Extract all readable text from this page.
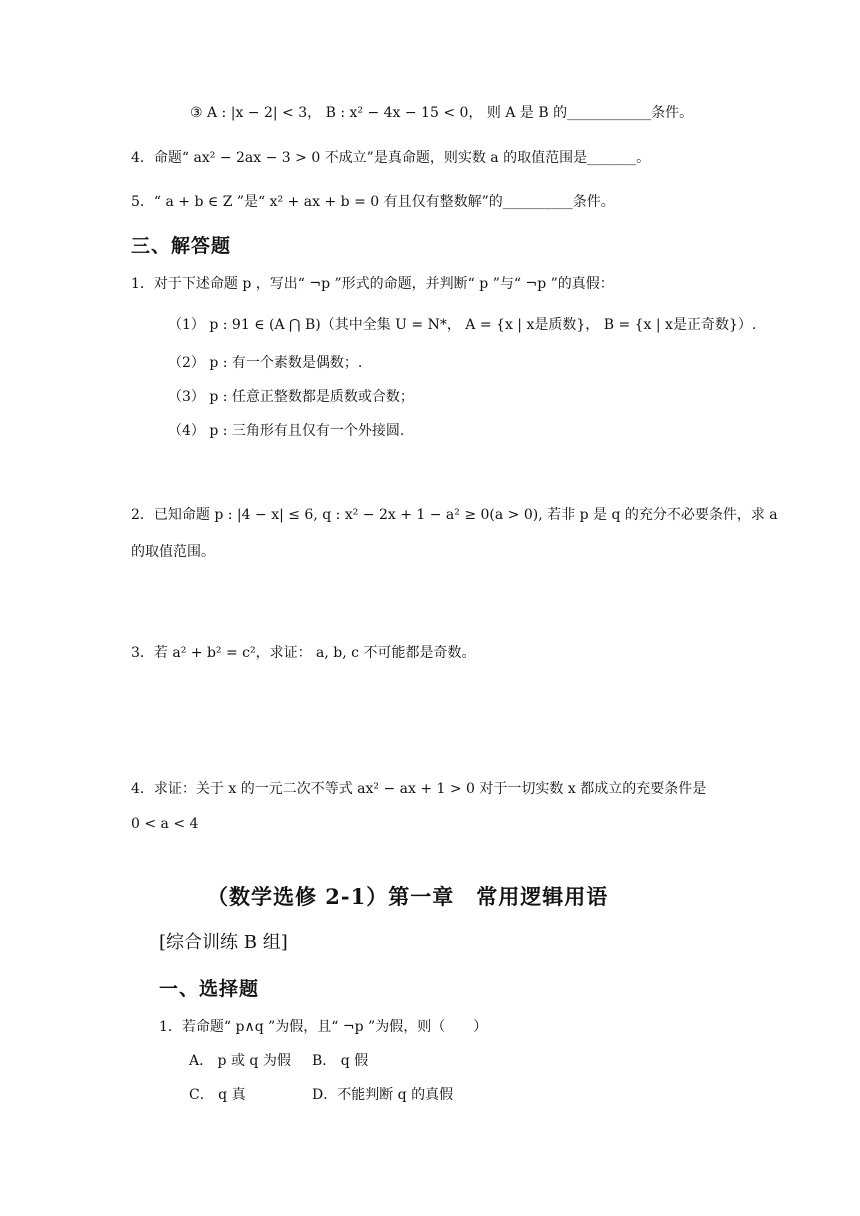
③ A : |x − 2| < 3， B : x² − 4x − 15 < 0， 则 A 是 B 的____________条件。
4．命题“ ax² − 2ax − 3 > 0 不成立”是真命题，则实数 a 的取值范围是_______。
5．“ a + b ∈ Z ”是“ x² + ax + b = 0 有且仅有整数解”的__________条件。
三、解答题
1．对于下述命题 p ，写出“ ¬p ”形式的命题，并判断“ p ”与“ ¬p ”的真假：
（1） p : 91 ∈ (A ⋂ B)（其中全集 U = N*， A = {x | x是质数}， B = {x | x是正奇数}）.
（2） p : 有一个素数是偶数；.
（3） p : 任意正整数都是质数或合数；
（4） p : 三角形有且仅有一个外接圆.
2．已知命题 p : |4 − x| ≤ 6, q : x² − 2x + 1 − a² ≥ 0(a > 0), 若非 p 是 q 的充分不必要条件，求 a
的取值范围。
3．若 a² + b² = c²，求证： a, b, c 不可能都是奇数。
4．求证：关于 x 的一元二次不等式 ax² − ax + 1 > 0 对于一切实数 x 都成立的充要条件是
0 < a < 4
（数学选修 2-1）第一章　常用逻辑用语
[综合训练 B 组]
一、选择题
1．若命题“ p∧q ”为假，且“ ¬p ”为假，则（　　）
A． p 或 q 为假 B． q 假
C． q 真	D．不能判断 q 的真假
